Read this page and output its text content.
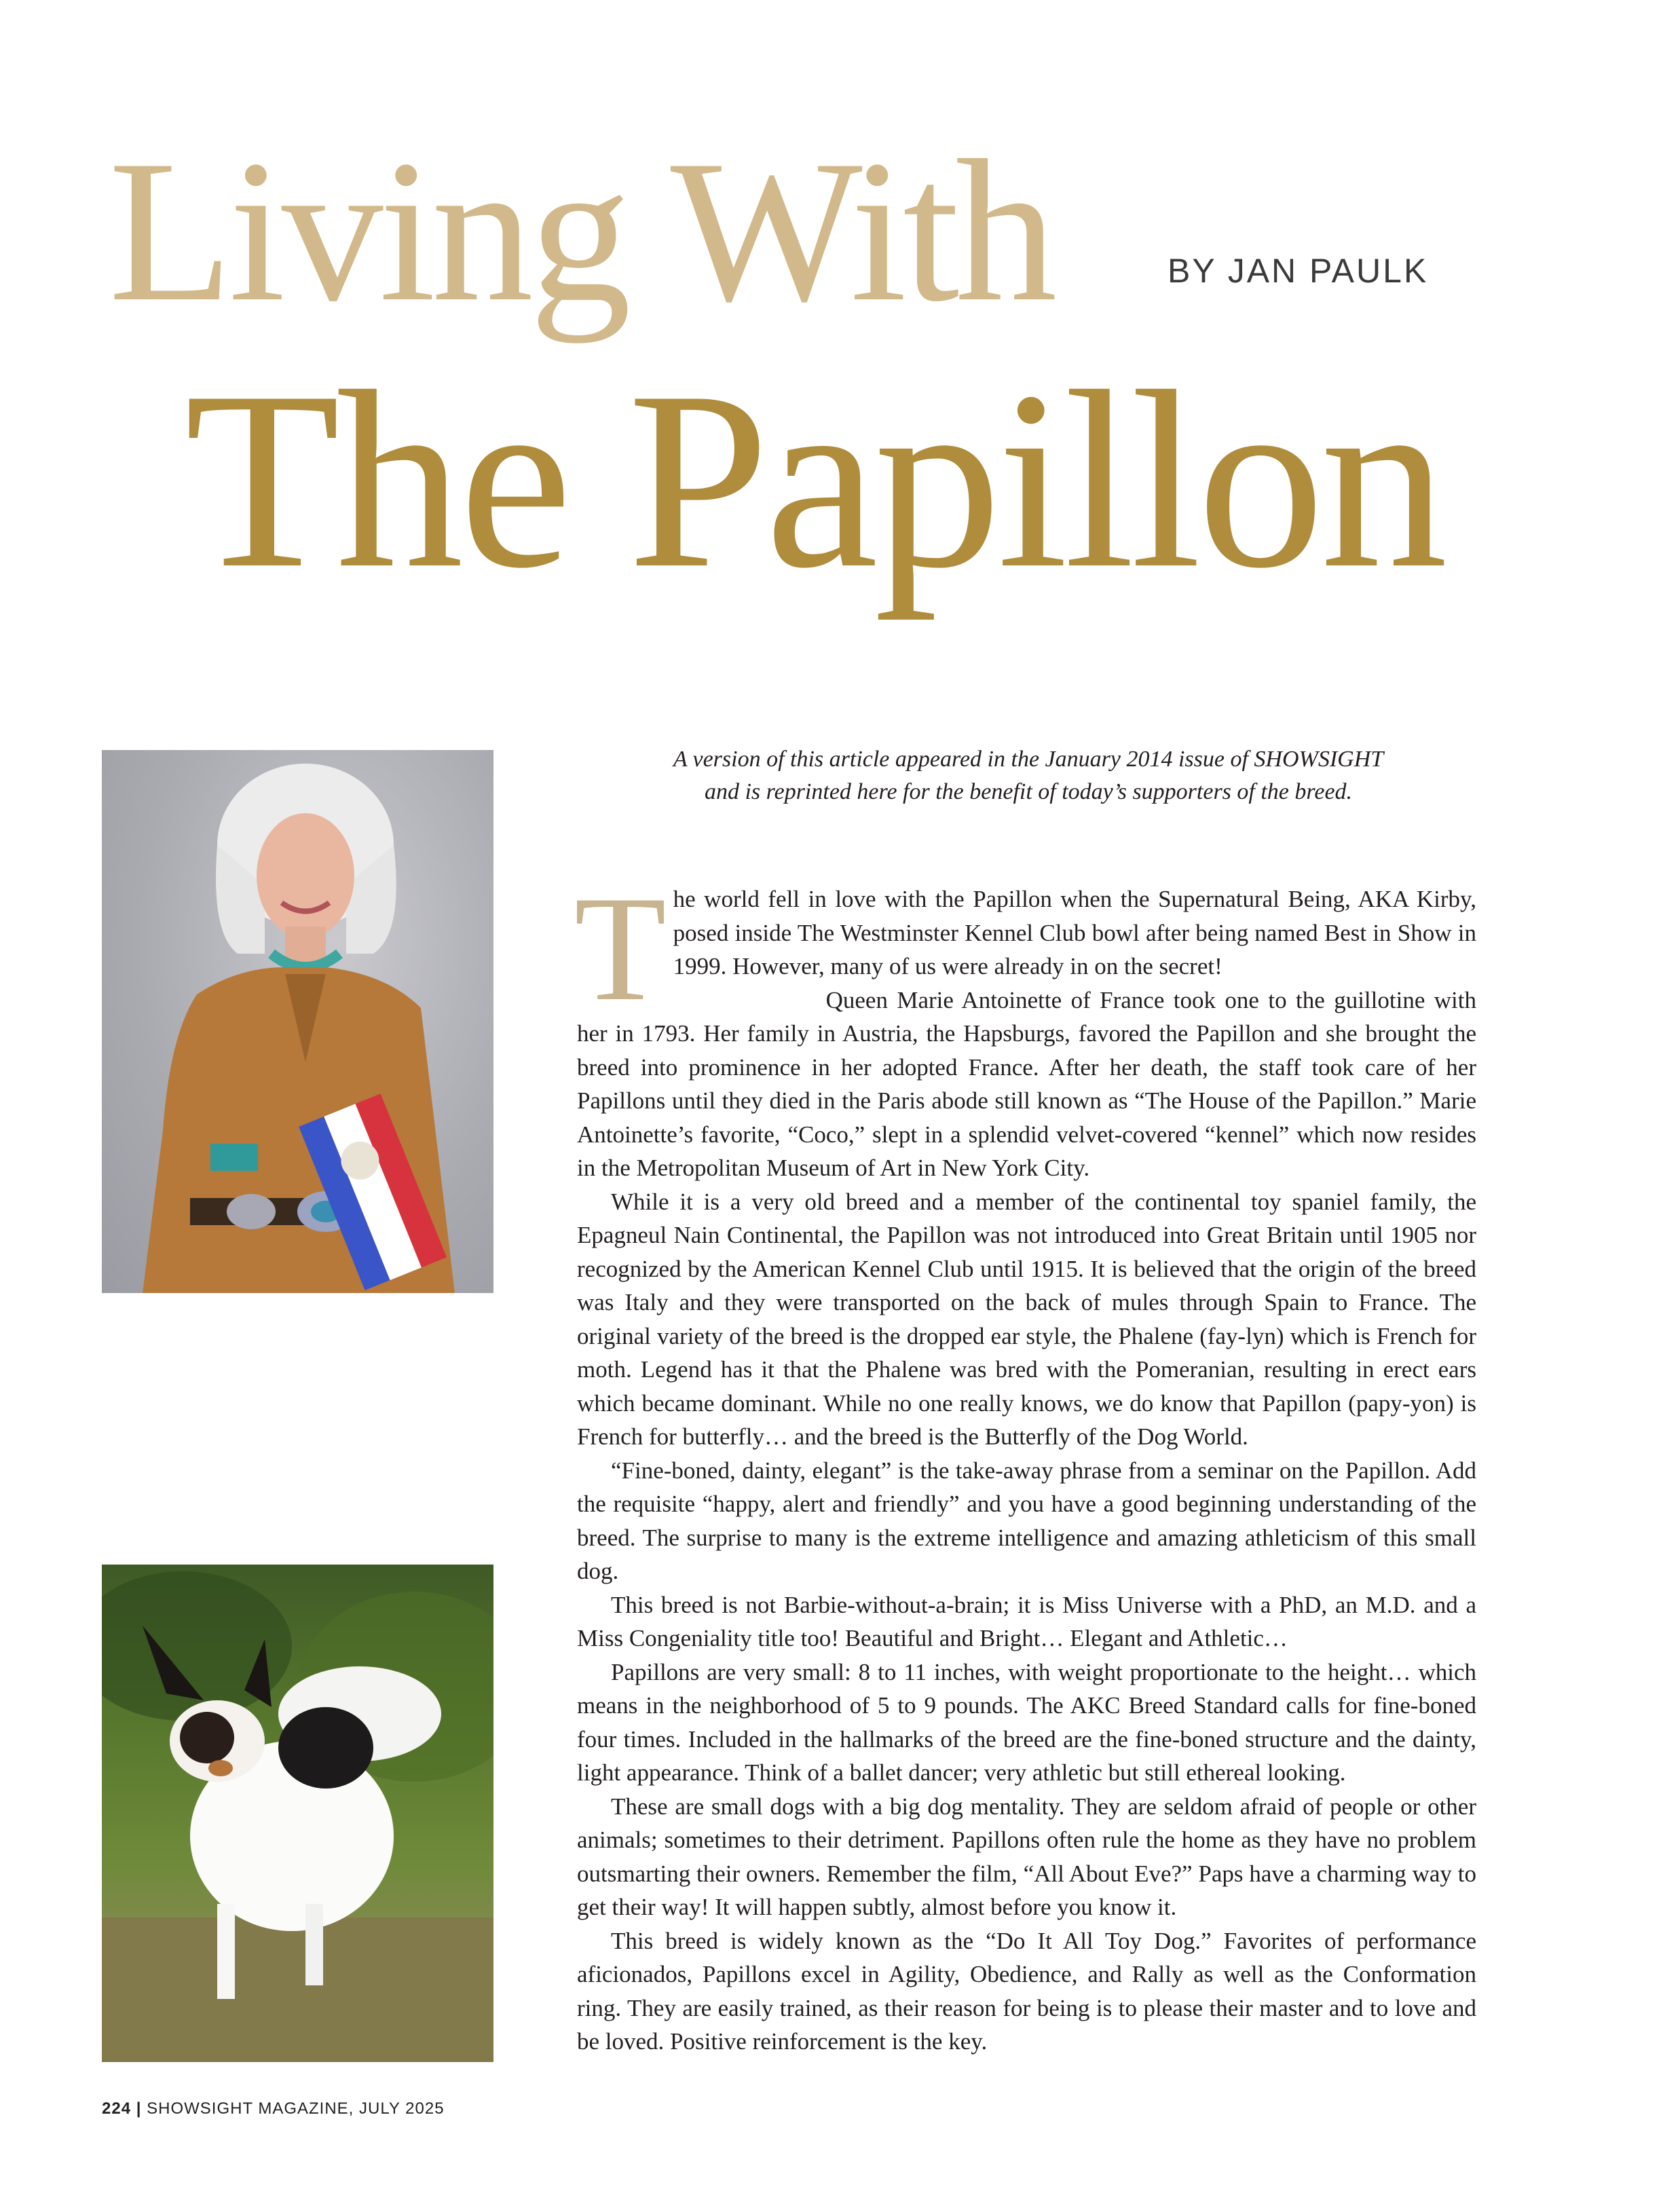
Living With	BY JAN PAULK
The Papillon

A version of this article appeared in the January 2014 issue of SHOWSIGHT

and is reprinted here for the benefit of today’s supporters of the breed.

The world fell in love with the Papillon when the Supernatural Being, AKA Kirby, posed inside The Westminster Kennel Club bowl after being named Best in Show in 1999. However, many of us were already in on the secret!

Queen Marie Antoinette of France took one to the guillotine with her in 1793. Her family in Austria, the Hapsburgs, favored the Papillon and she brought the breed into prominence in her adopted France. After her death, the staff took care of her Papillons until they died in the Paris abode still known as “The House of the Papillon.” Marie Antoinette’s favorite, “Coco,” slept in a splendid velvet-covered “kennel” which now resides in the Metropolitan Museum of Art in New York City.

While it is a very old breed and a member of the continental toy spaniel family, the Epagneul Nain Continental, the Papillon was not introduced into Great Britain until 1905 nor recognized by the American Kennel Club until 1915. It is believed that the origin of the breed was Italy and they were transported on the back of mules through Spain to France. The original variety of the breed is the dropped ear style, the Phalene (fay-lyn) which is French for moth. Legend has it that the Phalene was bred with the Pomeranian, resulting in erect ears which became dominant. While no one really knows, we do know that Papillon (papy-yon) is French for butterfly… and the breed is the Butterfly of the Dog World.

“Fine-boned, dainty, elegant” is the take-away phrase from a seminar on the Papillon. Add the requisite “happy, alert and friendly” and you have a good beginning understanding of the breed. The surprise to many is the extreme intelligence and amazing athleticism of this small dog.

This breed is not Barbie-without-a-brain; it is Miss Universe with a PhD, an M.D. and a Miss Congeniality title too! Beautiful and Bright… Elegant and Athletic…

Papillons are very small: 8 to 11 inches, with weight proportionate to the height… which means in the neighborhood of 5 to 9 pounds. The AKC Breed Standard calls for fine-boned four times. Included in the hallmarks of the breed are the fine-boned structure and the dainty, light appearance. Think of a ballet dancer; very athletic but still ethereal looking.

These are small dogs with a big dog mentality. They are seldom afraid of people or other animals; sometimes to their detriment. Papillons often rule the home as they have no problem outsmarting their owners. Remember the film, “All About Eve?” Paps have a charming way to get their way! It will happen subtly, almost before you know it.

This breed is widely known as the “Do It All Toy Dog.” Favorites of performance aficionados, Papillons excel in Agility, Obedience, and Rally as well as the Conformation ring. They are easily trained, as their reason for being is to please their master and to love and be loved. Positive reinforcement is the key.

224 | SHOWSIGHT MAGAZINE, JULY 2025
